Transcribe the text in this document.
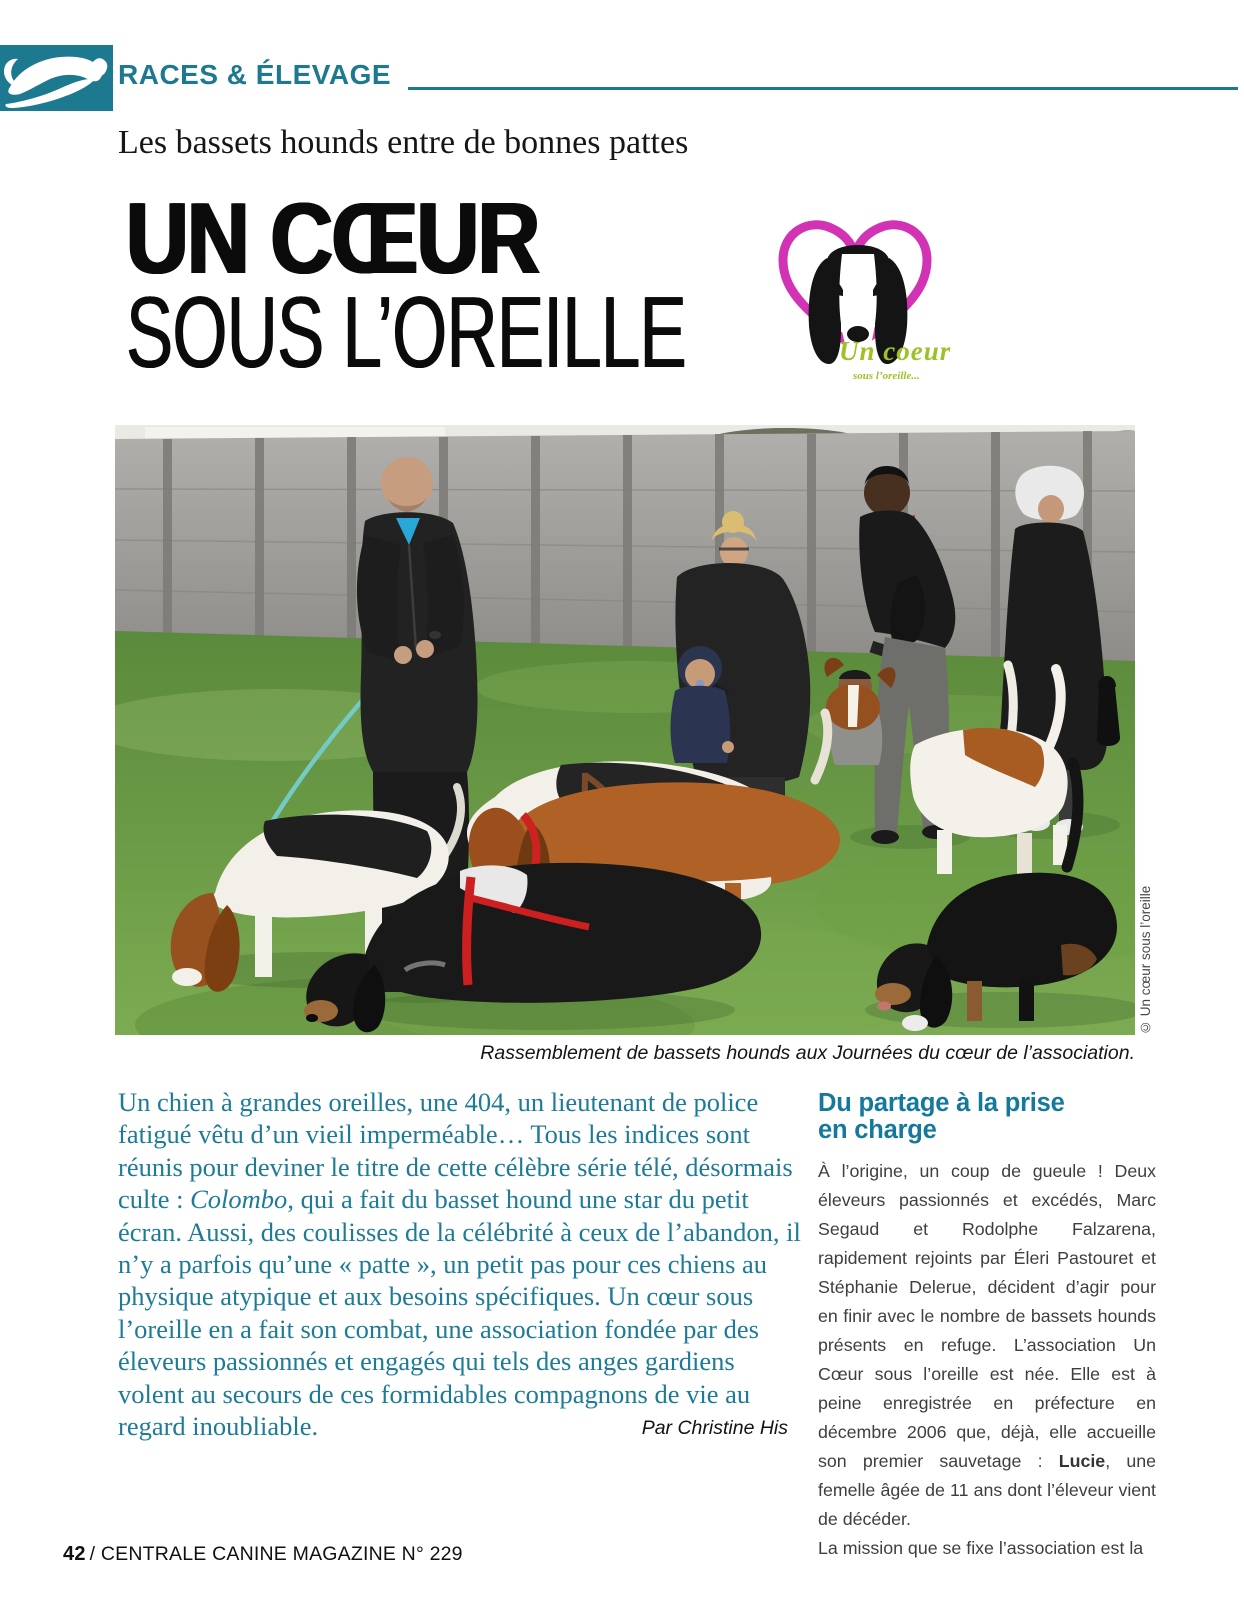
RACES & ÉLEVAGE
Les bassets hounds entre de bonnes pattes
UN CŒUR
SOUS L’OREILLE	Un coeur
sous l’oreille...
© Un cœur sous l’oreille
Rassemblement de bassets hounds aux Journées du cœur de l’association.

Un chien à grandes oreilles, une 404, un lieutenant de police fatigué vêtu d’un vieil imperméable… Tous les indices sont réunis pour deviner le titre de cette célèbre série télé, désormais culte : Colombo, qui a fait du basset hound une star du petit écran. Aussi, des coulisses de la célébrité à ceux de l’abandon, il n’y a parfois qu’une « patte », un petit pas pour ces chiens au physique atypique et aux besoins spécifiques. Un cœur sous l’oreille en a fait son combat, une association fondée par des éleveurs passionnés et engagés qui tels des anges gardiens volent au secours de ces formidables compagnons de vie au regard inoubliable.	Par Christine His
Du partage à la prise en charge

À l’origine, un coup de gueule ! Deux éleveurs passionnés et excédés, Marc Segaud et Rodolphe Falzarena, rapidement rejoints par Éleri Pastouret et Stéphanie Delerue, décident d’agir pour en finir avec le nombre de bassets hounds présents en refuge. L’association Un Cœur sous l’oreille est née. Elle est à peine enregistrée en préfecture en décembre 2006 que, déjà, elle accueille son premier sauvetage : Lucie, une femelle âgée de 11 ans dont l’éleveur vient de décéder.

La mission que se fixe l’association est la

42 / CENTRALE CANINE MAGAZINE N° 229
